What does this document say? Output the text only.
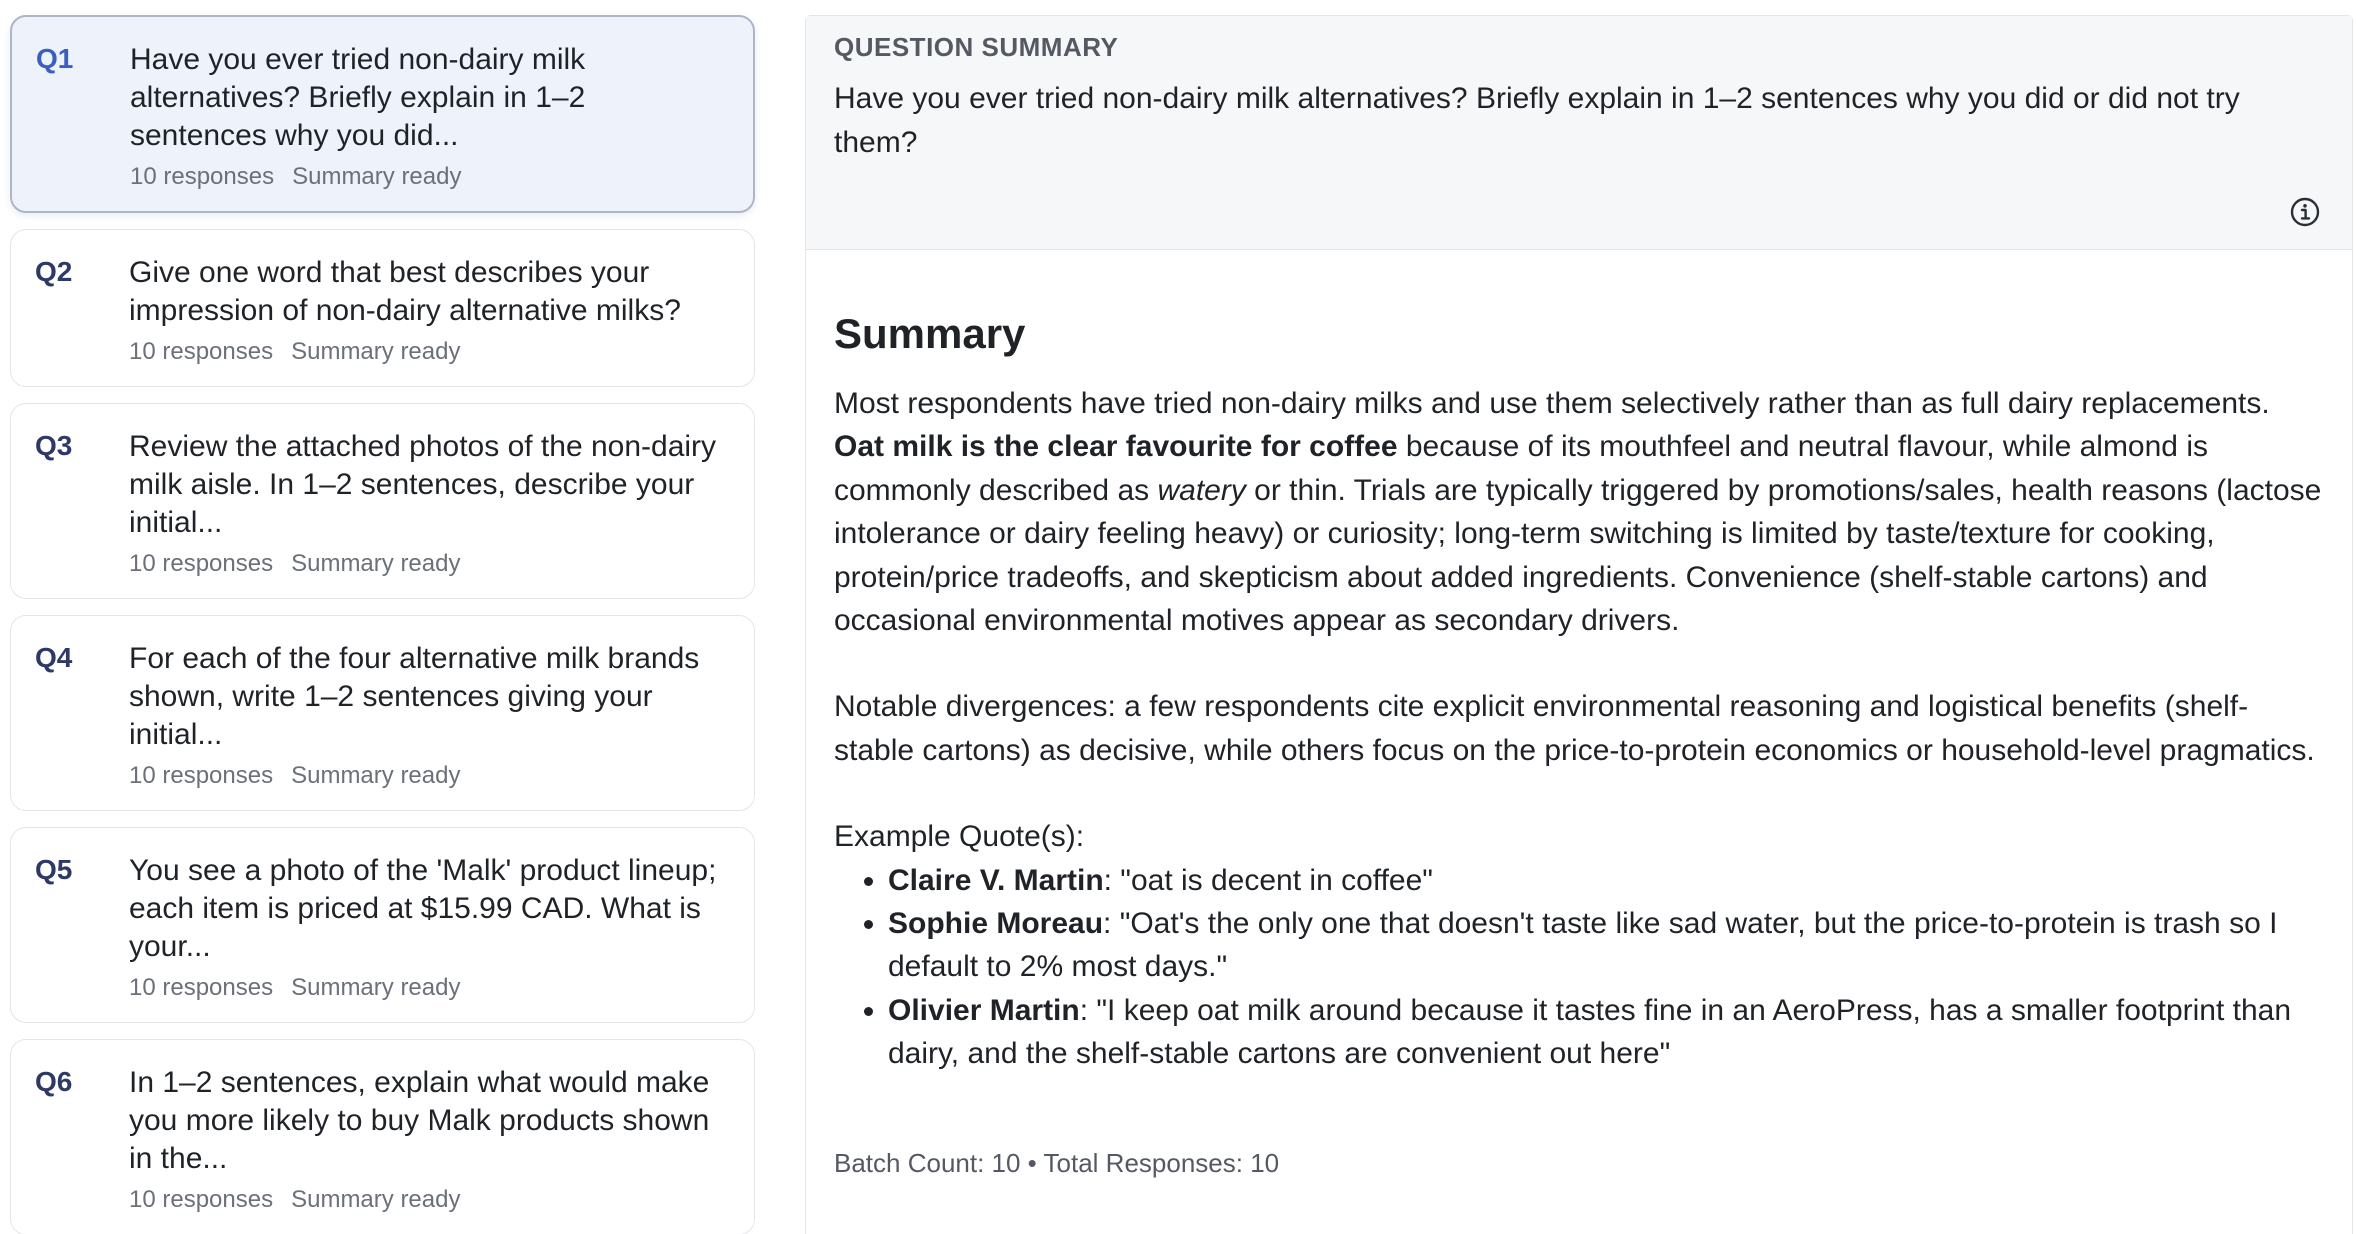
Q1 Have you ever tried non-dairy milk alternatives? Briefly explain in 1–2 sentences why you did...
10 responses Summary ready
Q2 Give one word that best describes your impression of non-dairy alternative milks?
10 responses Summary ready
Q3 Review the attached photos of the non-dairy milk aisle. In 1–2 sentences, describe your initial...
10 responses Summary ready
Q4 For each of the four alternative milk brands shown, write 1–2 sentences giving your initial...
10 responses Summary ready
Q5 You see a photo of the 'Malk' product lineup; each item is priced at $15.99 CAD. What is your...
10 responses Summary ready
Q6 In 1–2 sentences, explain what would make you more likely to buy Malk products shown in the...
10 responses Summary ready
QUESTION SUMMARY
Have you ever tried non-dairy milk alternatives? Briefly explain in 1–2 sentences why you did or did not try them?
Summary

Most respondents have tried non-dairy milks and use them selectively rather than as full dairy replacements. Oat milk is the clear favourite for coffee because of its mouthfeel and neutral flavour, while almond is commonly described as watery or thin. Trials are typically triggered by promotions/sales, health reasons (lactose intolerance or dairy feeling heavy) or curiosity; long-term switching is limited by taste/texture for cooking, protein/price tradeoffs, and skepticism about added ingredients. Convenience (shelf-stable cartons) and occasional environmental motives appear as secondary drivers.

Notable divergences: a few respondents cite explicit environmental reasoning and logistical benefits (shelf-stable cartons) as decisive, while others focus on the price-to-protein economics or household-level pragmatics.

Example Quote(s):
• Claire V. Martin: "oat is decent in coffee"
• Sophie Moreau: "Oat's the only one that doesn't taste like sad water, but the price-to-protein is trash so I default to 2% most days."
• Olivier Martin: "I keep oat milk around because it tastes fine in an AeroPress, has a smaller footprint than dairy, and the shelf-stable cartons are convenient out here"
Batch Count: 10 • Total Responses: 10
